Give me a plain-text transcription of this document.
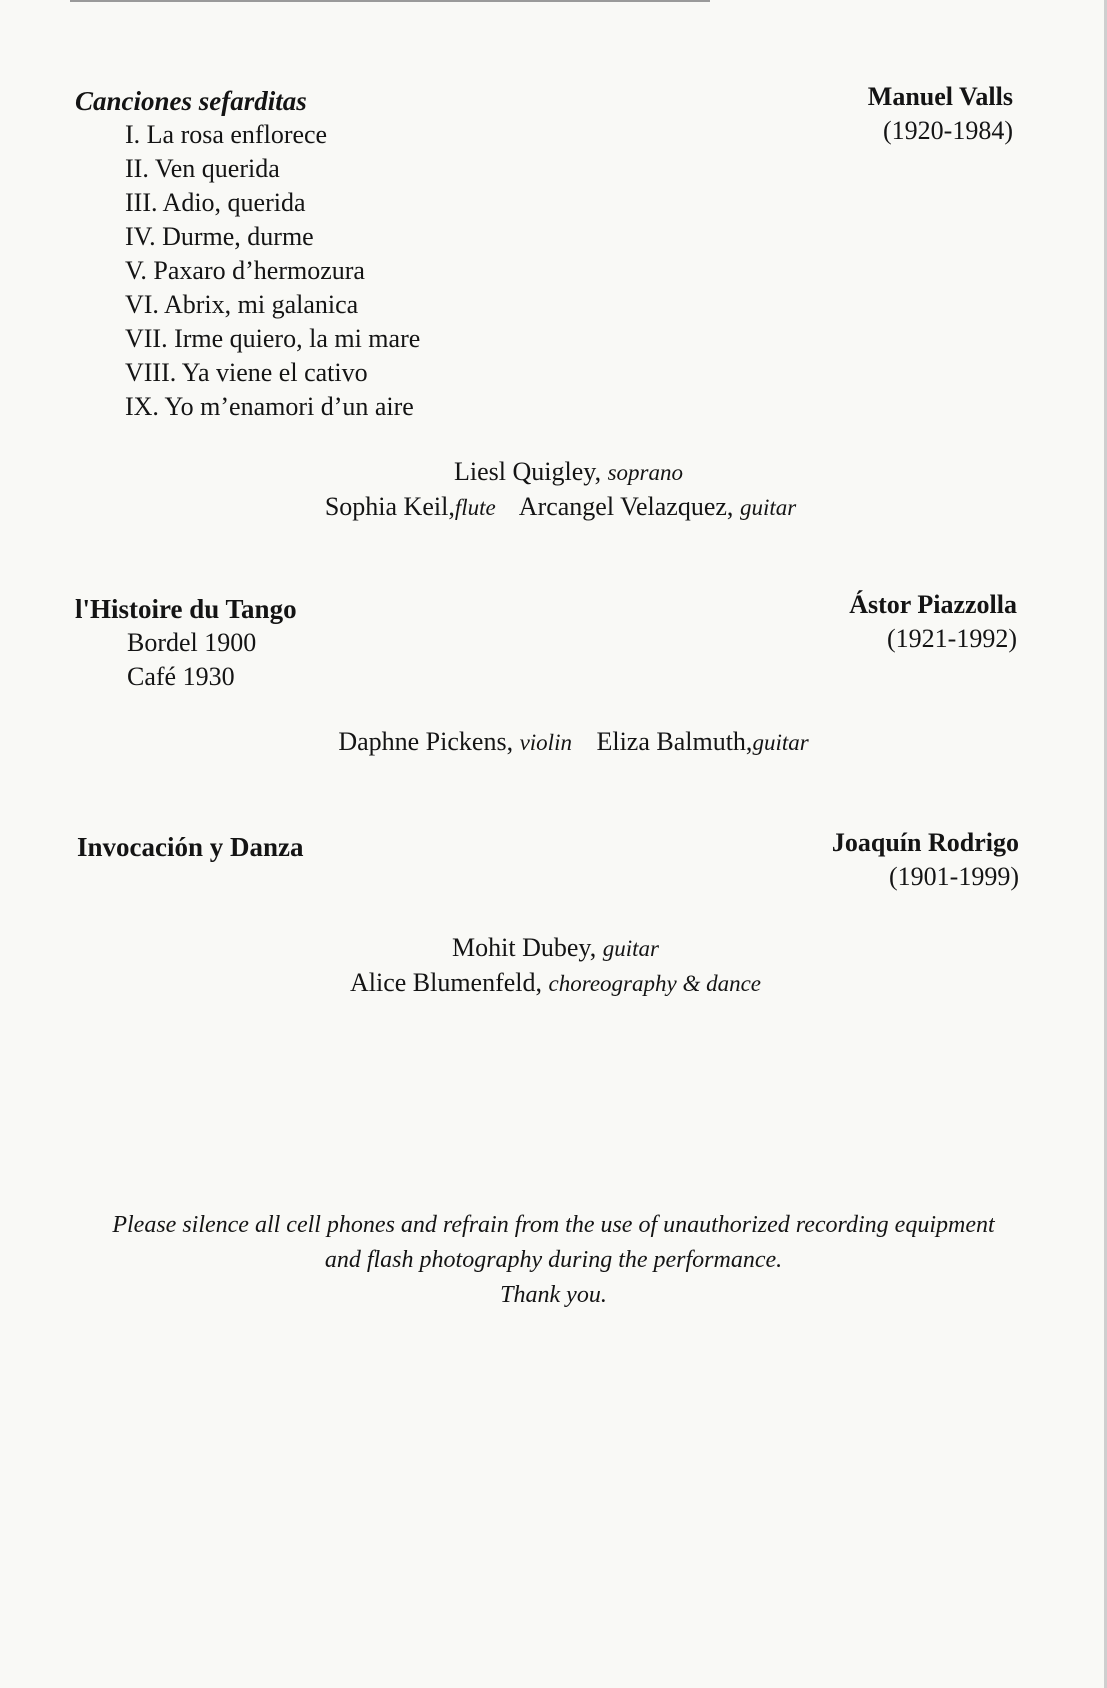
Canciones sefarditas	Manuel Valls
(1920-1984)
I. La rosa enflorece
II. Ven querida
III. Adio, querida
IV. Durme, durme
V. Paxaro d’hermozura
VI. Abrix, mi galanica
VII. Irme quiero, la mi mare
VIII. Ya viene el cativo
IX. Yo m’enamori d’un aire
Liesl Quigley, soprano
Sophia Keil,flute Arcangel Velazquez, guitar
l'Histoire du Tango	Ástor Piazzolla
(1921-1992)
Bordel 1900
Café 1930
Daphne Pickens, violin Eliza Balmuth,guitar
Invocación y Danza	Joaquín Rodrigo
(1901-1999)
Mohit Dubey, guitar
Alice Blumenfeld, choreography & dance
Please silence all cell phones and refrain from the use of unauthorized recording equipment
and flash photography during the performance.
Thank you.
